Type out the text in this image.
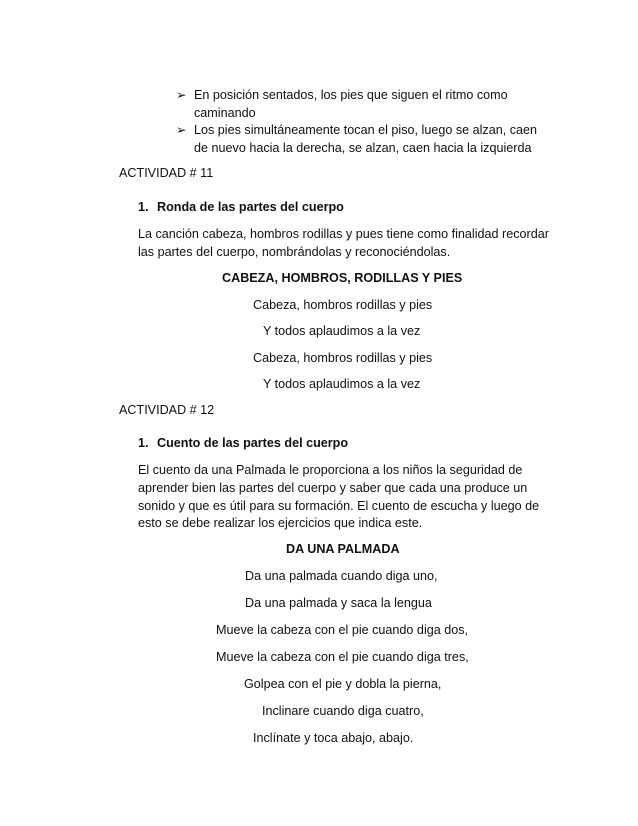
➢ En posición sentados, los pies que siguen el ritmo como
caminando
➢ Los pies simultáneamente tocan el piso, luego se alzan, caen
de nuevo hacia la derecha, se alzan, caen hacia la izquierda
ACTIVIDAD # 11
1. Ronda de las partes del cuerpo
La canción cabeza, hombros rodillas y pues tiene como finalidad recordar
las partes del cuerpo, nombrándolas y reconociéndolas.
CABEZA, HOMBROS, RODILLAS Y PIES
Cabeza, hombros rodillas y pies
Y todos aplaudimos a la vez
Cabeza, hombros rodillas y pies
Y todos aplaudimos a la vez
ACTIVIDAD # 12
1. Cuento de las partes del cuerpo
El cuento da una Palmada le proporciona a los niños la seguridad de
aprender bien las partes del cuerpo y saber que cada una produce un
sonido y que es útil para su formación. El cuento de escucha y luego de
esto se debe realizar los ejercicios que indica este.
DA UNA PALMADA
Da una palmada cuando diga uno,
Da una palmada y saca la lengua
Mueve la cabeza con el pie cuando diga dos,
Mueve la cabeza con el pie cuando diga tres,
Golpea con el pie y dobla la pierna,
Inclinare cuando diga cuatro,
Inclínate y toca abajo, abajo.
